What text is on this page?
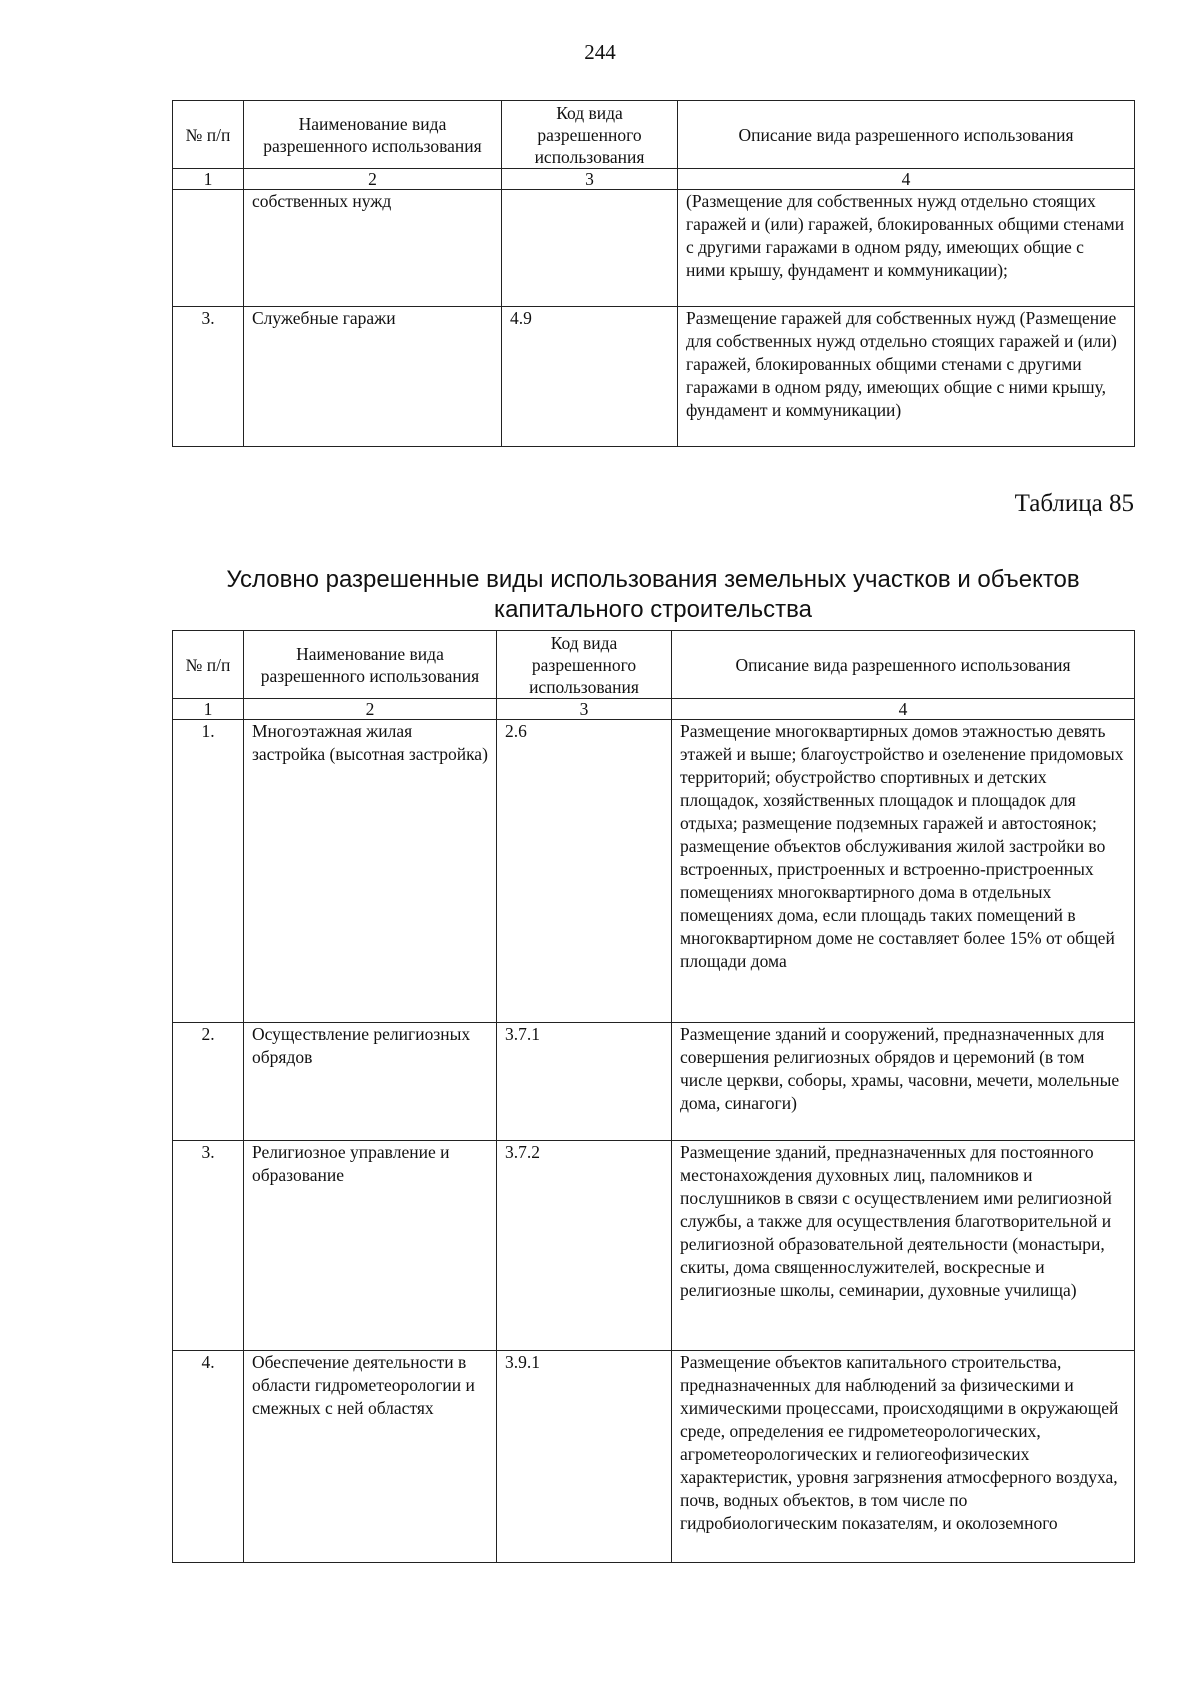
244
№ п/п	Наименование вида разрешенного использования	Код вида разрешенного использования	Описание вида разрешенного использования
1	2	3	4
	собственных нужд		(Размещение для собственных нужд отдельно стоящих гаражей и (или) гаражей, блокированных общими стенами с другими гаражами в одном ряду, имеющих общие с ними крышу, фундамент и коммуникации);
3.	Служебные гаражи	4.9	Размещение гаражей для собственных нужд (Размещение для собственных нужд отдельно стоящих гаражей и (или) гаражей, блокированных общими стенами с другими гаражами в одном ряду, имеющих общие с ними крышу, фундамент и коммуникации)
Таблица 85
Условно разрешенные виды использования земельных участков и объектов капитального строительства
№ п/п	Наименование вида разрешенного использования	Код вида разрешенного использования	Описание вида разрешенного использования
1	2	3	4
1.	Многоэтажная жилая застройка (высотная застройка)	2.6	Размещение многоквартирных домов этажностью девять этажей и выше; благоустройство и озеленение придомовых территорий; обустройство спортивных и детских площадок, хозяйственных площадок и площадок для отдыха; размещение подземных гаражей и автостоянок; размещение объектов обслуживания жилой застройки во встроенных, пристроенных и встроенно-пристроенных помещениях многоквартирного дома в отдельных помещениях дома, если площадь таких помещений в многоквартирном доме не составляет более 15% от общей площади дома
2.	Осуществление религиозных обрядов	3.7.1	Размещение зданий и сооружений, предназначенных для совершения религиозных обрядов и церемоний (в том числе церкви, соборы, храмы, часовни, мечети, молельные дома, синагоги)
3.	Религиозное управление и образование	3.7.2	Размещение зданий, предназначенных для постоянного местонахождения духовных лиц, паломников и послушников в связи с осуществлением ими религиозной службы, а также для осуществления благотворительной и религиозной образовательной деятельности (монастыри, скиты, дома священнослужителей, воскресные и религиозные школы, семинарии, духовные училища)
4.	Обеспечение деятельности в области гидрометеорологии и смежных с ней областях	3.9.1	Размещение объектов капитального строительства, предназначенных для наблюдений за физическими и химическими процессами, происходящими в окружающей среде, определения ее гидрометеорологических, агрометеорологических и гелиогеофизических характеристик, уровня загрязнения атмосферного воздуха, почв, водных объектов, в том числе по гидробиологическим показателям, и околоземного
